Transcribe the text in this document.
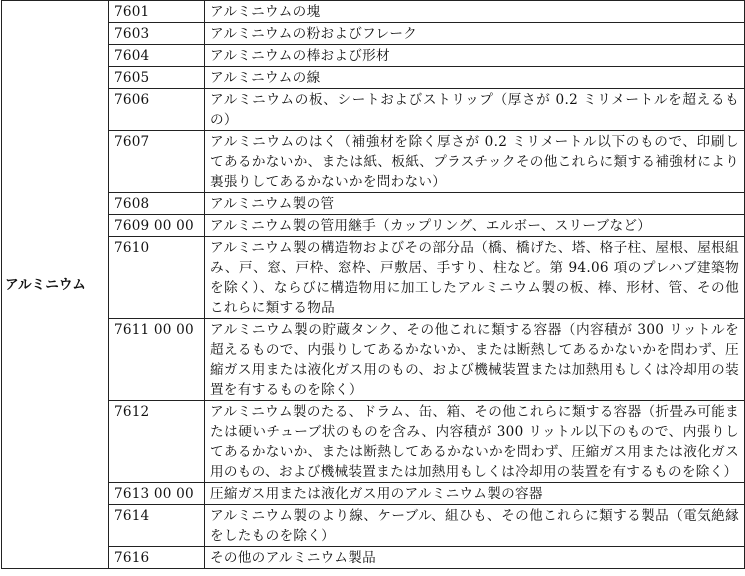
アルミニウム	7601	アルミニウムの塊
	7603	アルミニウムの粉およびフレーク
	7604	アルミニウムの棒および形材
	7605	アルミニウムの線
	7606	アルミニウムの板、シートおよびストリップ（厚さが 0.2 ミリメートルを超えるもの）
	7607	アルミニウムのはく（補強材を除く厚さが 0.2 ミリメートル以下のもので、印刷してあるかないか、または紙、板紙、プラスチックその他これらに類する補強材により裏張りしてあるかないかを問わない）
	7608	アルミニウム製の管
	7609 00 00	アルミニウム製の管用継手（カップリング、エルボー、スリーブなど）
	7610	アルミニウム製の構造物およびその部分品（橋、橋げた、塔、格子柱、屋根、屋根組み、戸、窓、戸枠、窓枠、戸敷居、手すり、柱など。第 94.06 項のプレハブ建築物を除く）、ならびに構造物用に加工したアルミニウム製の板、棒、形材、管、その他これらに類する物品
	7611 00 00	アルミニウム製の貯蔵タンク、その他これに類する容器（内容積が 300 リットルを超えるもので、内張りしてあるかないか、または断熱してあるかないかを問わず、圧縮ガス用または液化ガス用のもの、および機械装置または加熱用もしくは冷却用の装置を有するものを除く）
	7612	アルミニウム製のたる、ドラム、缶、箱、その他これらに類する容器（折畳み可能または硬いチューブ状のものを含み、内容積が 300 リットル以下のもので、内張りしてあるかないか、または断熱してあるかないかを問わず、圧縮ガス用または液化ガス用のもの、および機械装置または加熱用もしくは冷却用の装置を有するものを除く）
	7613 00 00	圧縮ガス用または液化ガス用のアルミニウム製の容器
	7614	アルミニウム製のより線、ケーブル、組ひも、その他これらに類する製品（電気絶縁をしたものを除く）
	7616	その他のアルミニウム製品
